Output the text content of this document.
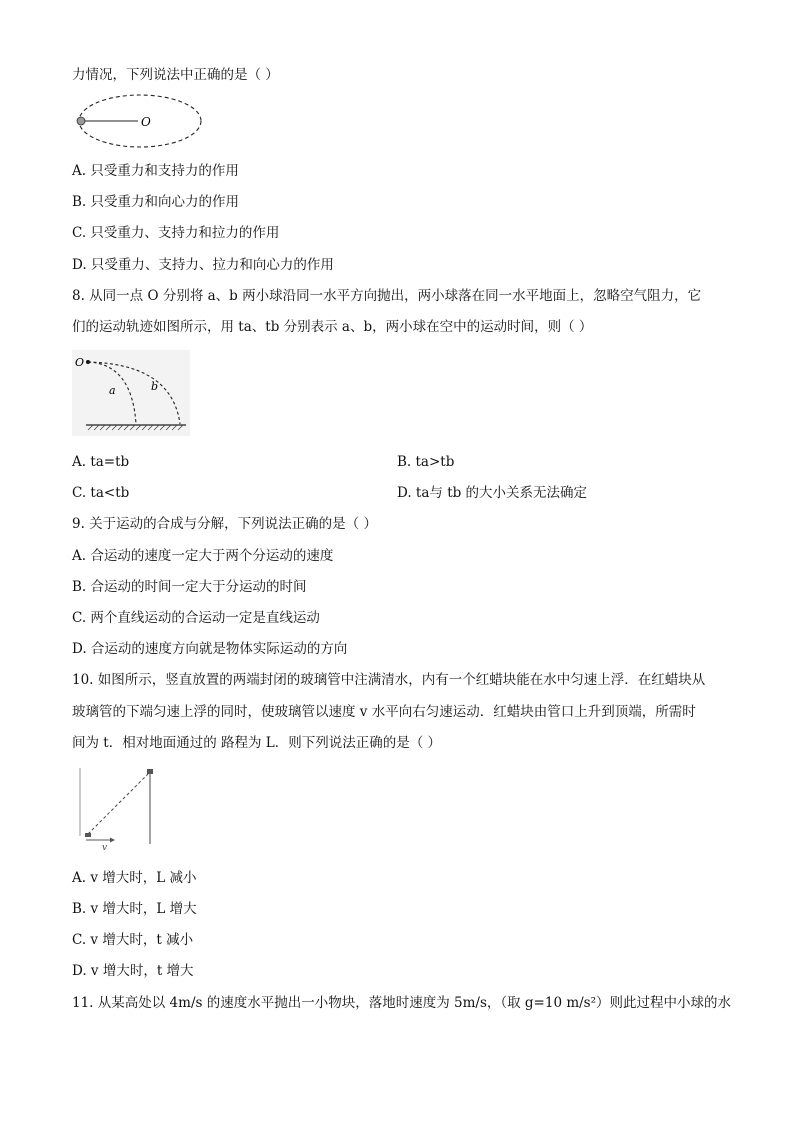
力情况，下列说法中正确的是（ ）
O
A. 只受重力和支持力的作用
B. 只受重力和向心力的作用
C. 只受重力、支持力和拉力的作用
D. 只受重力、支持力、拉力和向心力的作用
8. 从同一点 O 分别将 a、b 两小球沿同一水平方向抛出，两小球落在同一水平地面上，忽略空气阻力，它
们的运动轨迹如图所示，用 ta、tb 分别表示 a、b，两小球在空中的运动时间，则（ ）
O
a	b
A. ta=tb	B. ta>tb
C. ta<tb	D. ta与 tb 的大小关系无法确定
9. 关于运动的合成与分解，下列说法正确的是（ ）
A. 合运动的速度一定大于两个分运动的速度
B. 合运动的时间一定大于分运动的时间
C. 两个直线运动的合运动一定是直线运动
D. 合运动的速度方向就是物体实际运动的方向
10. 如图所示，竖直放置的两端封闭的玻璃管中注满清水，内有一个红蜡块能在水中匀速上浮．在红蜡块从
玻璃管的下端匀速上浮的同时，使玻璃管以速度 v 水平向右匀速运动．红蜡块由管口上升到顶端，所需时
间为 t．相对地面通过的 路程为 L．则下列说法正确的是（ ）
v
A. v 增大时，L 减小
B. v 增大时，L 增大
C. v 增大时，t 减小
D. v 增大时，t 增大
11. 从某高处以 4m/s 的速度水平抛出一小物块，落地时速度为 5m/s，（取 g=10 m/s²）则此过程中小球的水
